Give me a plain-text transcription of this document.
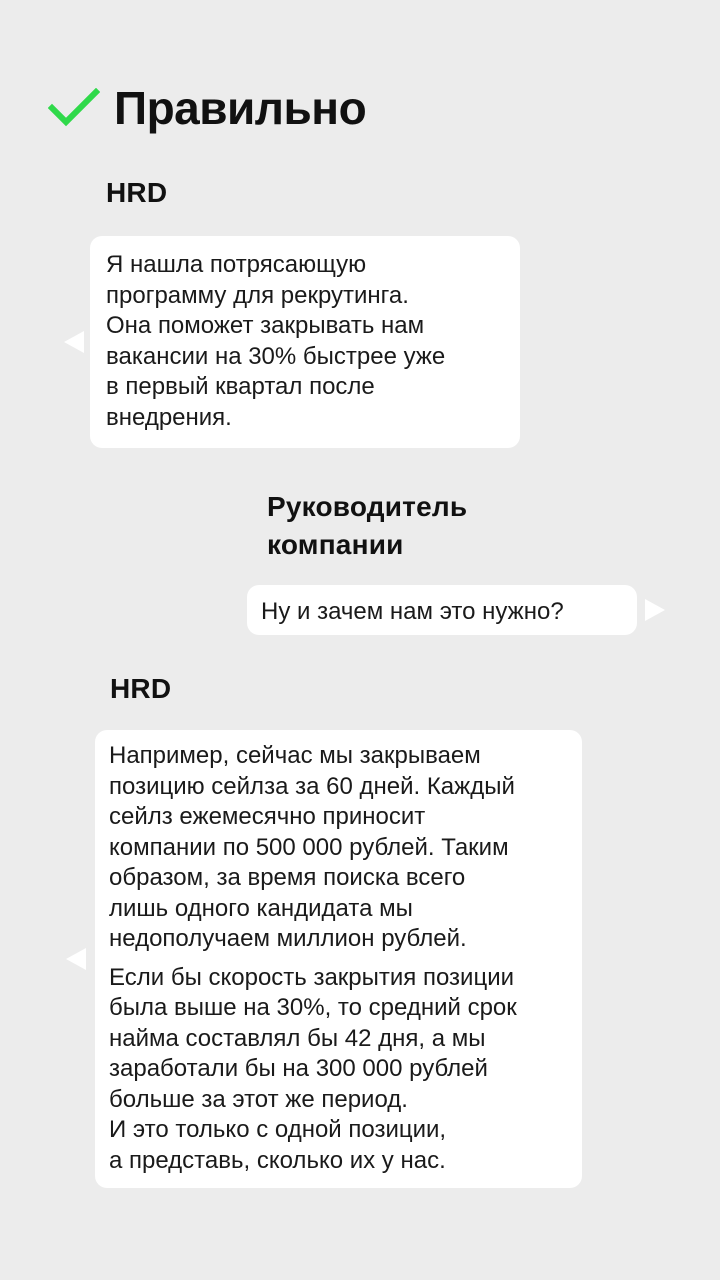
Правильно
HRD
Я нашла потрясающую
программу для рекрутинга.
Она поможет закрывать нам
вакансии на 30% быстрее уже
в первый квартал после
внедрения.
Руководитель
компании
Ну и зачем нам это нужно?
HRD
Например, сейчас мы закрываем
позицию сейлза за 60 дней. Каждый
сейлз ежемесячно приносит
компании по 500 000 рублей. Таким
образом, за время поиска всего
лишь одного кандидата мы
недополучаем миллион рублей.
Если бы скорость закрытия позиции
была выше на 30%, то средний срок
найма составлял бы 42 дня, а мы
заработали бы на 300 000 рублей
больше за этот же период.
И это только с одной позиции,
а представь, сколько их у нас.
